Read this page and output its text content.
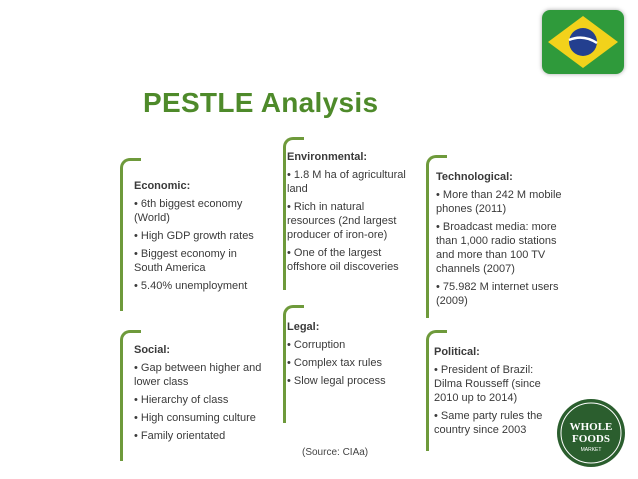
PESTLE Analysis
Economic:
• 6th biggest economy (World)
• High GDP growth rates
• Biggest economy in South America
• 5.40% unemployment
Environmental:
• 1.8 M ha of agricultural land
• Rich in natural resources (2nd largest producer of iron-ore)
• One of the largest offshore oil discoveries
Technological:
• More than 242 M mobile phones (2011)
• Broadcast media: more than 1,000 radio stations and more than 100 TV channels (2007)
• 75.982 M internet users (2009)
Social:
• Gap between higher and lower class
• Hierarchy of class
• High consuming culture
• Family orientated
Legal:
• Corruption
• Complex tax rules
• Slow legal process
Political:
• President of Brazil: Dilma Rousseff (since 2010 up to 2014)
• Same party rules the country since 2003
(Source: CIAa)
WHOLE
FOODS
MARKET
